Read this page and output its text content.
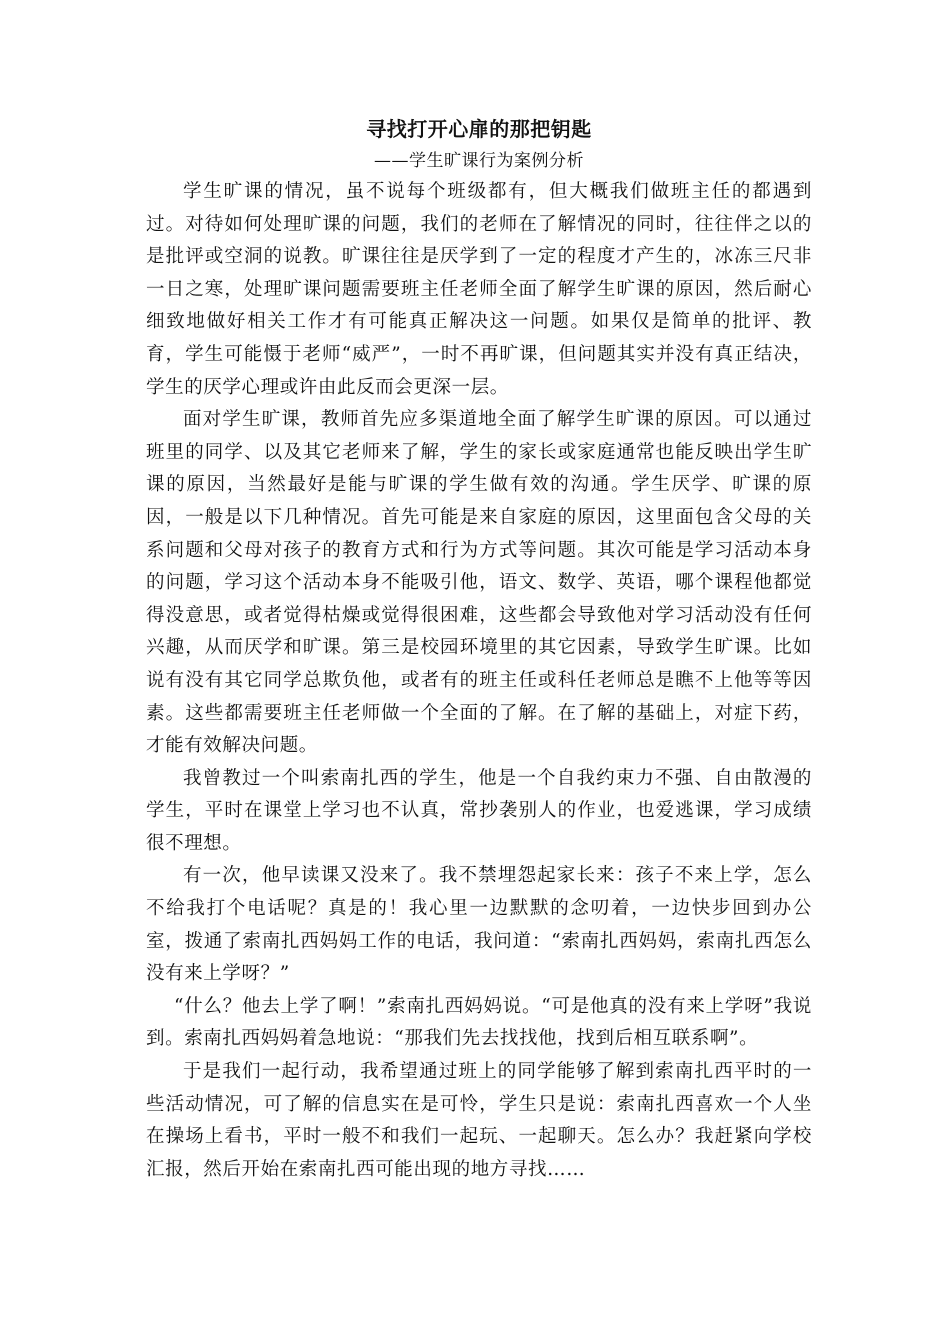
寻找打开心扉的那把钥匙

——学生旷课行为案例分析

学生旷课的情况，虽不说每个班级都有，但大概我们做班主任的都遇到过。对待如何处理旷课的问题，我们的老师在了解情况的同时，往往伴之以的是批评或空洞的说教。旷课往往是厌学到了一定的程度才产生的，冰冻三尺非一日之寒，处理旷课问题需要班主任老师全面了解学生旷课的原因，然后耐心细致地做好相关工作才有可能真正解决这一问题。如果仅是简单的批评、教育，学生可能慑于老师“威严”，一时不再旷课，但问题其实并没有真正结决，学生的厌学心理或许由此反而会更深一层。

面对学生旷课，教师首先应多渠道地全面了解学生旷课的原因。可以通过班里的同学、以及其它老师来了解，学生的家长或家庭通常也能反映出学生旷课的原因，当然最好是能与旷课的学生做有效的沟通。学生厌学、旷课的原因，一般是以下几种情况。首先可能是来自家庭的原因，这里面包含父母的关系问题和父母对孩子的教育方式和行为方式等问题。其次可能是学习活动本身的问题，学习这个活动本身不能吸引他，语文、数学、英语，哪个课程他都觉得没意思，或者觉得枯燥或觉得很困难，这些都会导致他对学习活动没有任何兴趣，从而厌学和旷课。第三是校园环境里的其它因素，导致学生旷课。比如说有没有其它同学总欺负他，或者有的班主任或科任老师总是瞧不上他等等因素。这些都需要班主任老师做一个全面的了解。在了解的基础上，对症下药，才能有效解决问题。

我曾教过一个叫索南扎西的学生，他是一个自我约束力不强、自由散漫的学生，平时在课堂上学习也不认真，常抄袭别人的作业，也爱逃课，学习成绩很不理想。

有一次，他早读课又没来了。我不禁埋怨起家长来：孩子不来上学，怎么不给我打个电话呢？真是的！我心里一边默默的念叨着，一边快步回到办公室，拨通了索南扎西妈妈工作的电话，我问道：“索南扎西妈妈，索南扎西怎么没有来上学呀？”

“什么？他去上学了啊！”索南扎西妈妈说。“可是他真的没有来上学呀”我说到。索南扎西妈妈着急地说：“那我们先去找找他，找到后相互联系啊”。

于是我们一起行动，我希望通过班上的同学能够了解到索南扎西平时的一些活动情况，可了解的信息实在是可怜，学生只是说：索南扎西喜欢一个人坐在操场上看书，平时一般不和我们一起玩、一起聊天。怎么办？我赶紧向学校汇报，然后开始在索南扎西可能出现的地方寻找……
